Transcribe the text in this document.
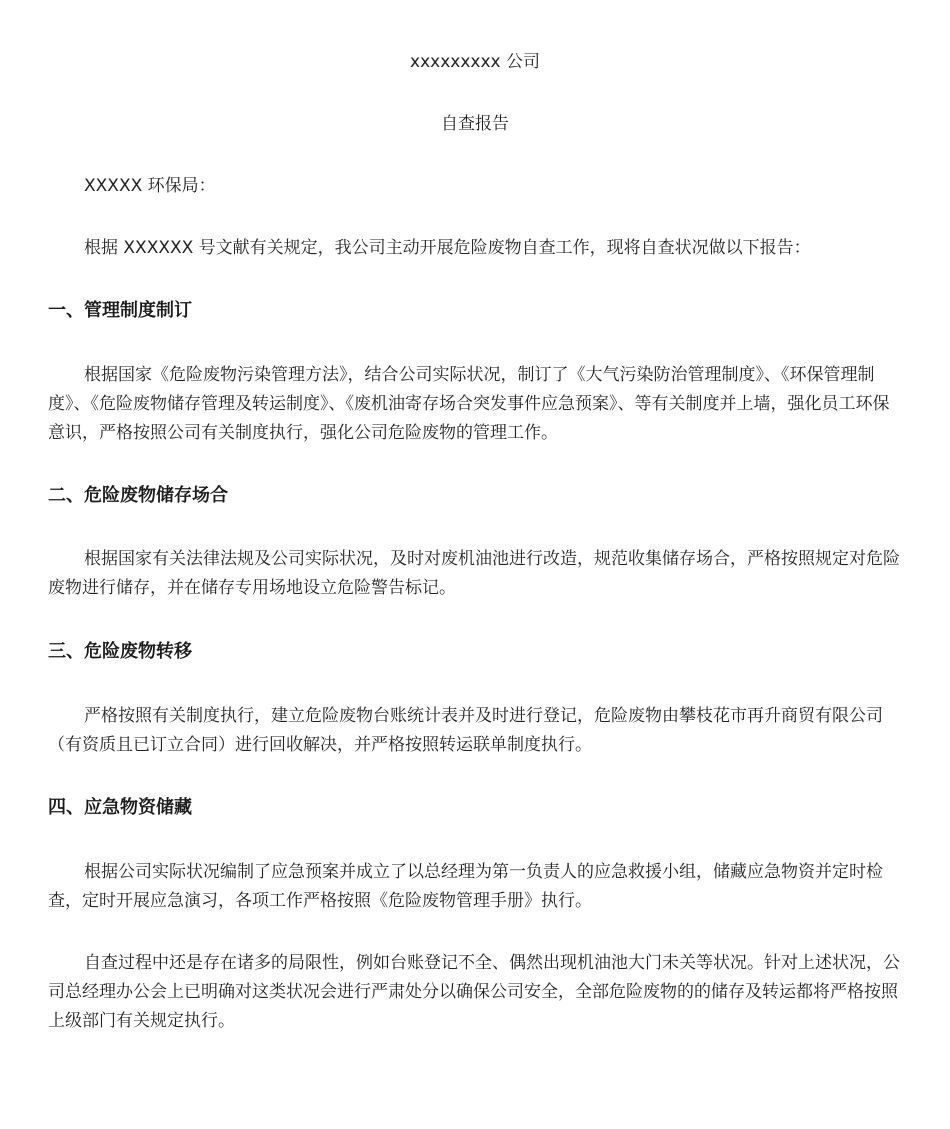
xxxxxxxxx 公司
自查报告

XXXXX 环保局：

根据 XXXXXX 号文献有关规定，我公司主动开展危险废物自查工作，现将自查状况做以下报告：

一、管理制度制订

根据国家《危险废物污染管理方法》，结合公司实际状况，制订了《大气污染防治管理制度》、《环保管理制度》、《危险废物储存管理及转运制度》、《废机油寄存场合突发事件应急预案》、等有关制度并上墙，强化员工环保意识，严格按照公司有关制度执行，强化公司危险废物的管理工作。

二、危险废物储存场合

根据国家有关法律法规及公司实际状况，及时对废机油池进行改造，规范收集储存场合，严格按照规定对危险废物进行储存，并在储存专用场地设立危险警告标记。

三、危险废物转移

严格按照有关制度执行，建立危险废物台账统计表并及时进行登记，危险废物由攀枝花市再升商贸有限公司（有资质且已订立合同）进行回收解决，并严格按照转运联单制度执行。

四、应急物资储藏

根据公司实际状况编制了应急预案并成立了以总经理为第一负责人的应急救援小组，储藏应急物资并定时检查，定时开展应急演习，各项工作严格按照《危险废物管理手册》执行。

自查过程中还是存在诸多的局限性，例如台账登记不全、偶然出现机油池大门未关等状况。针对上述状况，公司总经理办公会上已明确对这类状况会进行严肃处分以确保公司安全，全部危险废物的的储存及转运都将严格按照上级部门有关规定执行。
